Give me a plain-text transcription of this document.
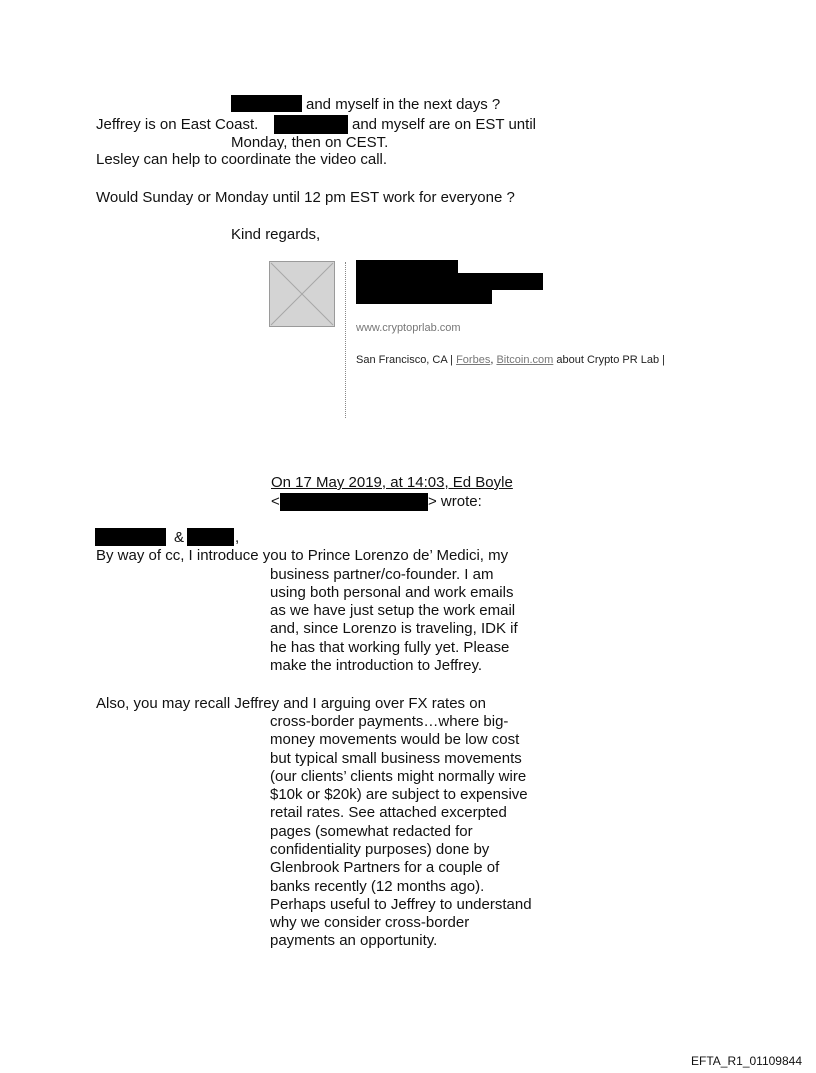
and myself in the next days ?
Jeffrey is on East Coast.	and myself are on EST until
Monday, then on CEST.
Lesley can help to coordinate the video call.
Would Sunday or Monday until 12 pm EST work for everyone ?
Kind regards,
www.cryptoprlab.com
San Francisco, CA | Forbes, Bitcoin.com about Crypto PR Lab |
On 17 May 2019, at 14:03, Ed Boyle
<	> wrote:
&	,
By way of cc, I introduce you to Prince Lorenzo de’ Medici, my
business partner/co-founder. I am
using both personal and work emails
as we have just setup the work email
and, since Lorenzo is traveling, IDK if
he has that working fully yet. Please
make the introduction to Jeffrey.
Also, you may recall Jeffrey and I arguing over FX rates on
cross-border payments…where big-
money movements would be low cost
but typical small business movements
(our clients’ clients might normally wire
$10k or $20k) are subject to expensive
retail rates. See attached excerpted
pages (somewhat redacted for
confidentiality purposes) done by
Glenbrook Partners for a couple of
banks recently (12 months ago).
Perhaps useful to Jeffrey to understand
why we consider cross-border
payments an opportunity.
EFTA_R1_01109844
